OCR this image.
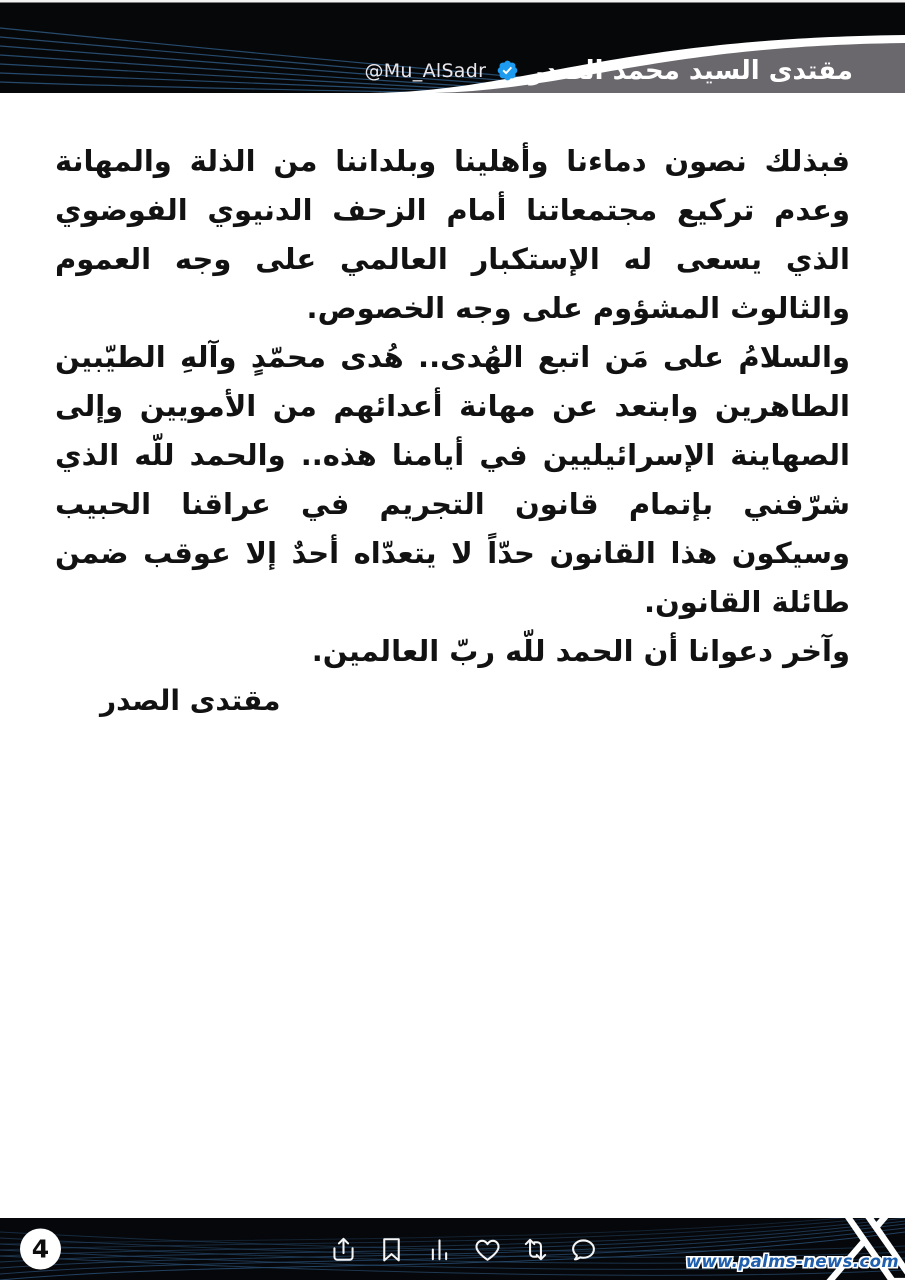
@Mu_AlSadr مقتدى السيد محمد الصدر

فبذلك نصون دماءنا وأهلينا وبلداننا من الذلة والمهانة وعدم تركيع مجتمعاتنا أمام الزحف الدنيوي الفوضوي الذي يسعى له الإستكبار العالمي على وجه العموم والثالوث المشؤوم على وجه الخصوص.

والسلامُ على مَن اتبع الهُدى.. هُدى محمّدٍ وآلهِ الطيّبين الطاهرين وابتعد عن مهانة أعدائهم من الأمويين وإلى الصهاينة الإسرائيليين في أيامنا هذه.. والحمد للّه الذي شرّفني بإتمام قانون التجريم في عراقنا الحبيب وسيكون هذا القانون حدّاً لا يتعدّاه أحدٌ إلا عوقب ضمن طائلة القانون.

وآخر دعوانا أن الحمد للّه ربّ العالمين.

مقتدى الصدر
4	www.palms-news.com
